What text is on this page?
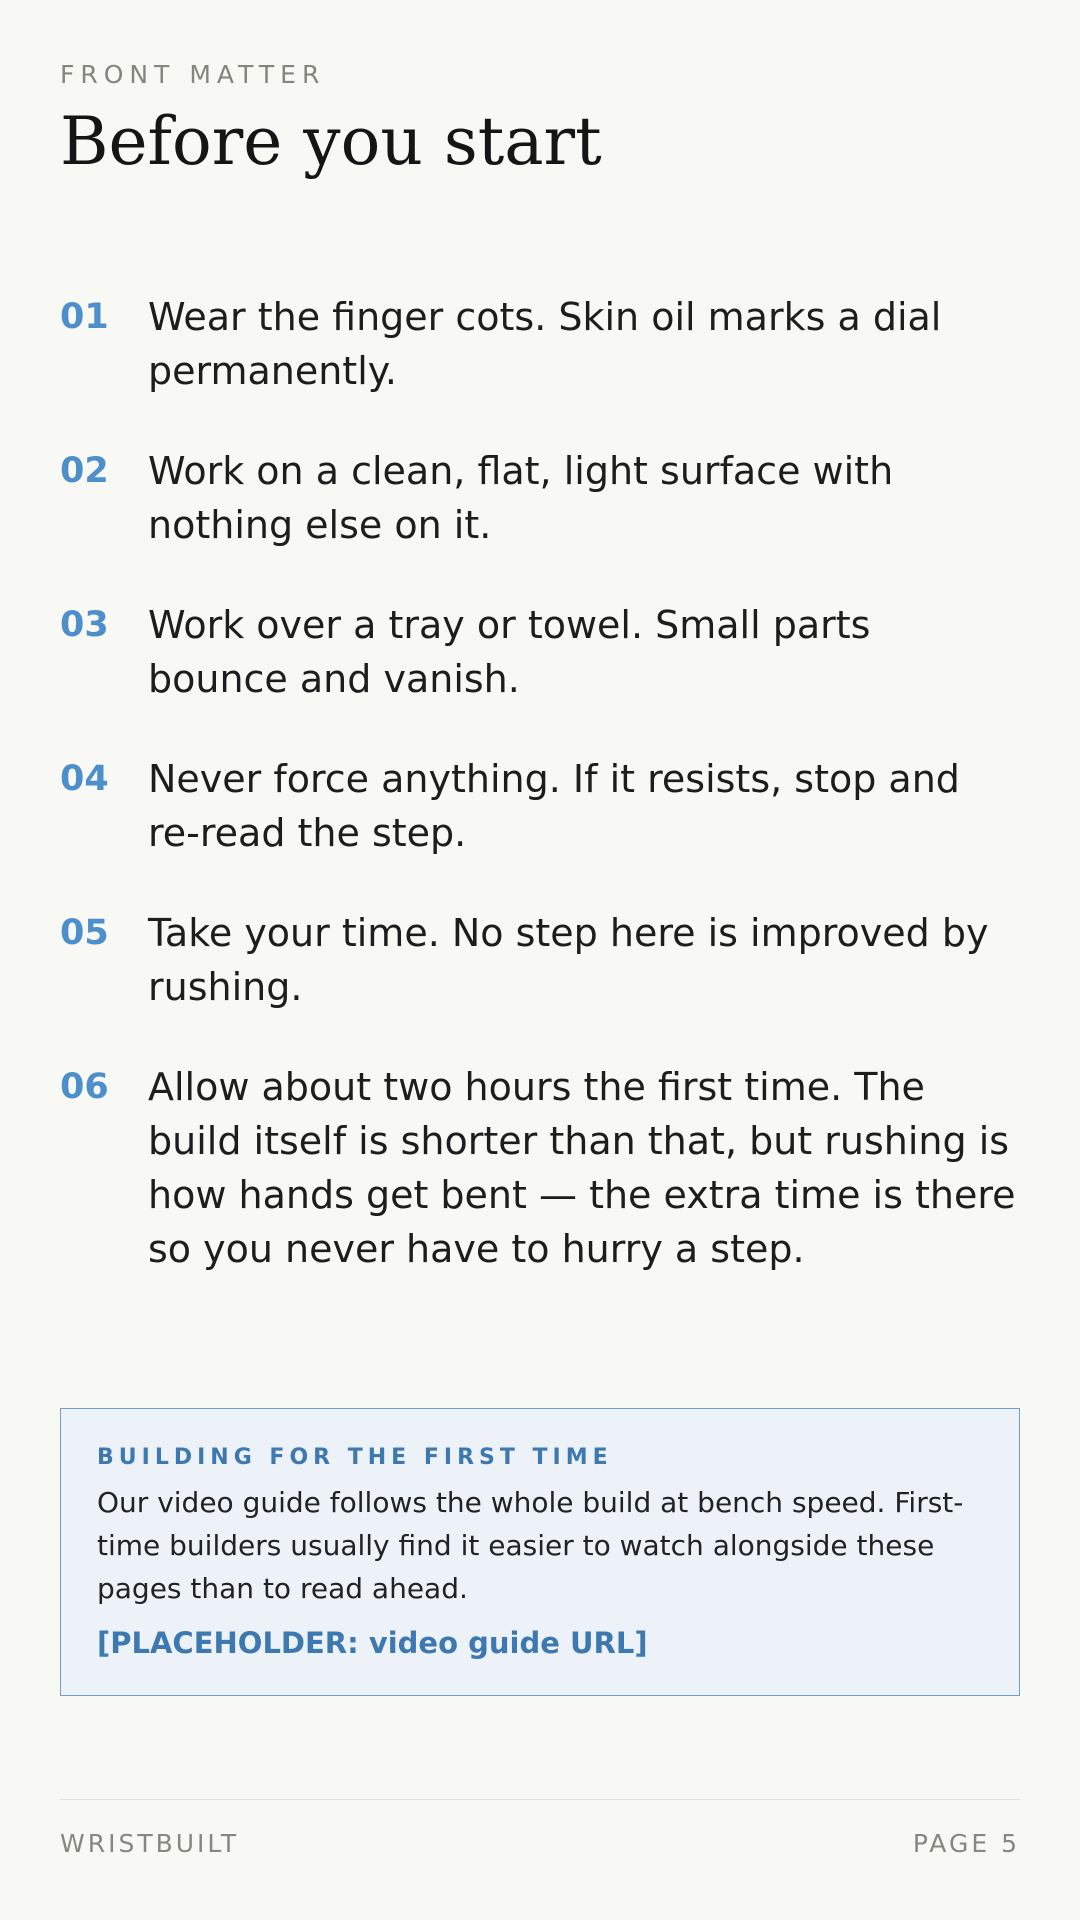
FRONT MATTER
Before you start
01	Wear the finger cots. Skin oil marks a dial permanently.
02	Work on a clean, flat, light surface with nothing else on it.
03	Work over a tray or towel. Small parts bounce and vanish.
04	Never force anything. If it resists, stop and re-read the step.
05	Take your time. No step here is improved by rushing.
06	Allow about two hours the first time. The build itself is shorter than that, but rushing is how hands get bent — the extra time is there so you never have to hurry a step.
BUILDING FOR THE FIRST TIME

Our video guide follows the whole build at bench speed. First-time builders usually find it easier to watch alongside these pages than to read ahead.

[PLACEHOLDER: video guide URL]
WRISTBUILT	PAGE 5
